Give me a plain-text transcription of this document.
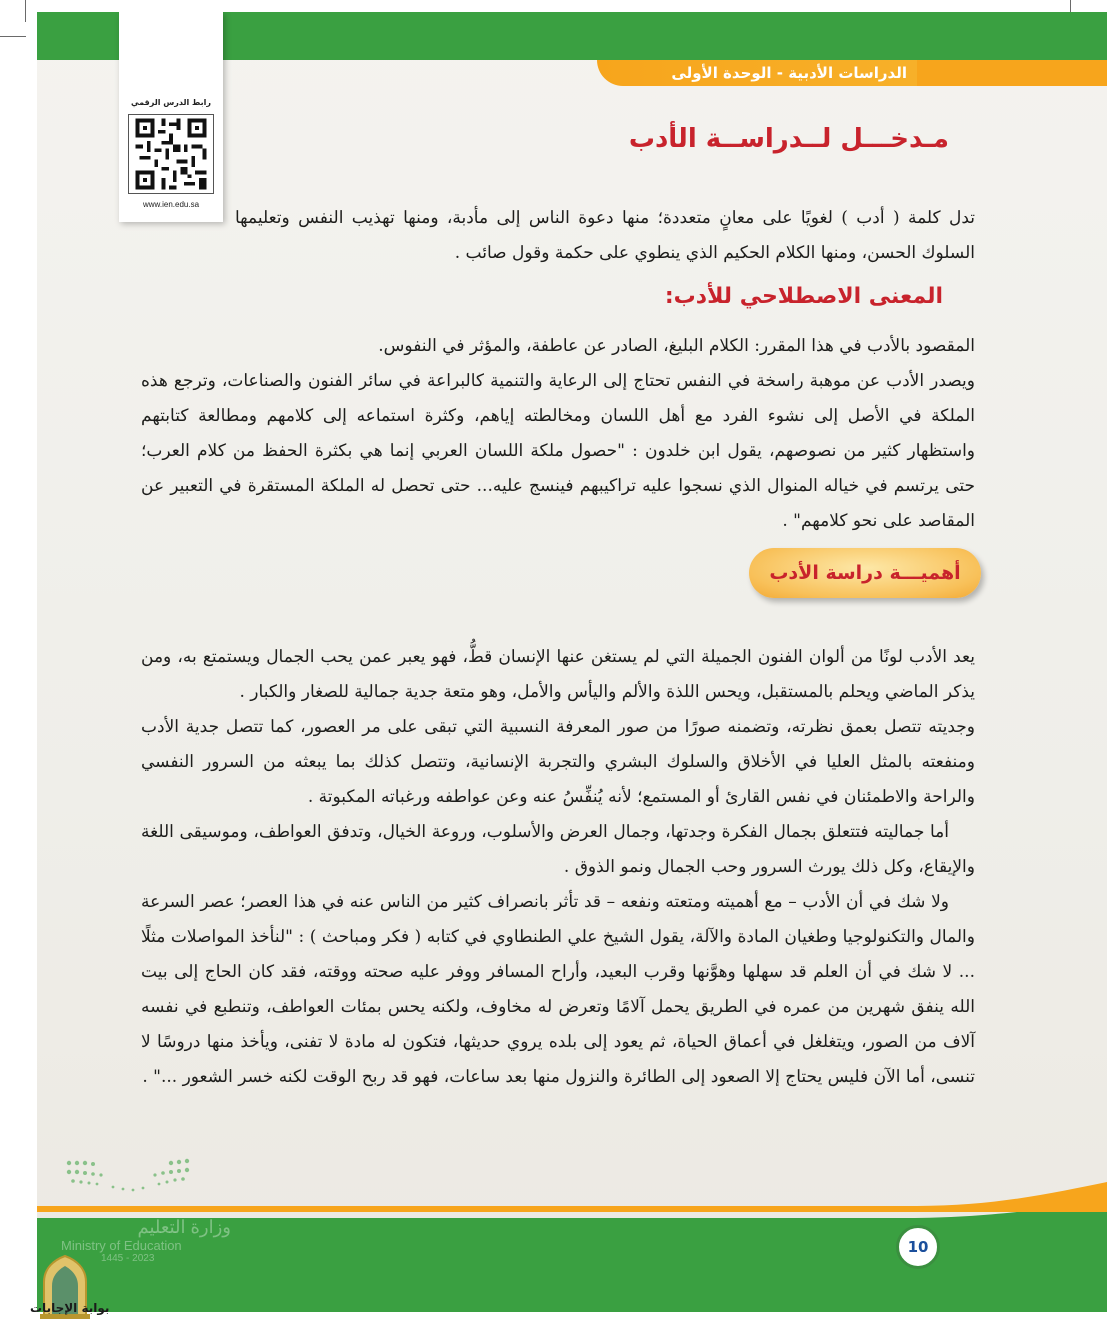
الدراسات الأدبية - الوحدة الأولى
رابط الدرس الرقمي
www.ien.edu.sa
مـدخـــل لــدراســة الأدب

تدل كلمة ( أدب ) لغويًا على معانٍ متعددة؛ منها دعوة الناس إلى مأدبة، ومنها تهذيب النفس وتعليمها السلوك الحسن، ومنها الكلام الحكيم الذي ينطوي على حكمة وقول صائب .

المعنى الاصطلاحي للأدب:
المقصود بالأدب في هذا المقرر: الكلام البليغ، الصادر عن عاطفة، والمؤثر في النفوس.
ويصدر الأدب عن موهبة راسخة في النفس تحتاج إلى الرعاية والتنمية كالبراعة في سائر الفنون والصناعات، وترجع هذه الملكة في الأصل إلى نشوء الفرد مع أهل اللسان ومخالطته إياهم، وكثرة استماعه إلى كلامهم ومطالعة كتابتهم واستظهار كثير من نصوصهم، يقول ابن خلدون : "حصول ملكة اللسان العربي إنما هي بكثرة الحفظ من كلام العرب؛ حتى يرتسم في خياله المنوال الذي نسجوا عليه تراكيبهم فينسج عليه... حتى تحصل له الملكة المستقرة في التعبير عن المقاصد على نحو كلامهم" .
أهميـــة دراسة الأدب

يعد الأدب لونًا من ألوان الفنون الجميلة التي لم يستغن عنها الإنسان قطُّ، فهو يعبر عمن يحب الجمال ويستمتع به، ومن يذكر الماضي ويحلم بالمستقبل، ويحس اللذة والألم واليأس والأمل، وهو متعة جدية جمالية للصغار والكبار .

وجديته تتصل بعمق نظرته، وتضمنه صورًا من صور المعرفة النسبية التي تبقى على مر العصور، كما تتصل جدية الأدب ومنفعته بالمثل العليا في الأخلاق والسلوك البشري والتجربة الإنسانية، وتتصل كذلك بما يبعثه من السرور النفسي والراحة والاطمئنان في نفس القارئ أو المستمع؛ لأنه يُنفِّسُ عنه وعن عواطفه ورغباته المكبوتة .

أما جماليته فتتعلق بجمال الفكرة وجدتها، وجمال العرض والأسلوب، وروعة الخيال، وتدفق العواطف، وموسيقى اللغة والإيقاع، وكل ذلك يورث السرور وحب الجمال ونمو الذوق .

ولا شك في أن الأدب – مع أهميته ومتعته ونفعه – قد تأثر بانصراف كثير من الناس عنه في هذا العصر؛ عصر السرعة والمال والتكنولوجيا وطغيان المادة والآلة، يقول الشيخ علي الطنطاوي في كتابه ( فكر ومباحث ) : "لنأخذ المواصلات مثلًا ... لا شك في أن العلم قد سهلها وهوَّنها وقرب البعيد، وأراح المسافر ووفر عليه صحته ووقته، فقد كان الحاج إلى بيت الله ينفق شهرين من عمره في الطريق يحمل آلامًا وتعرض له مخاوف، ولكنه يحس بمئات العواطف، وتنطبع في نفسه آلاف من الصور، ويتغلغل في أعماق الحياة، ثم يعود إلى بلده يروي حديثها، فتكون له مادة لا تفنى، ويأخذ منها دروسًا لا تنسى، أما الآن فليس يحتاج إلا الصعود إلى الطائرة والنزول منها بعد ساعات، فهو قد ربح الوقت لكنه خسر الشعور ..." .

10
وزارة التعليم
Ministry of Education
1445 - 2023
بوابة الإجابات
